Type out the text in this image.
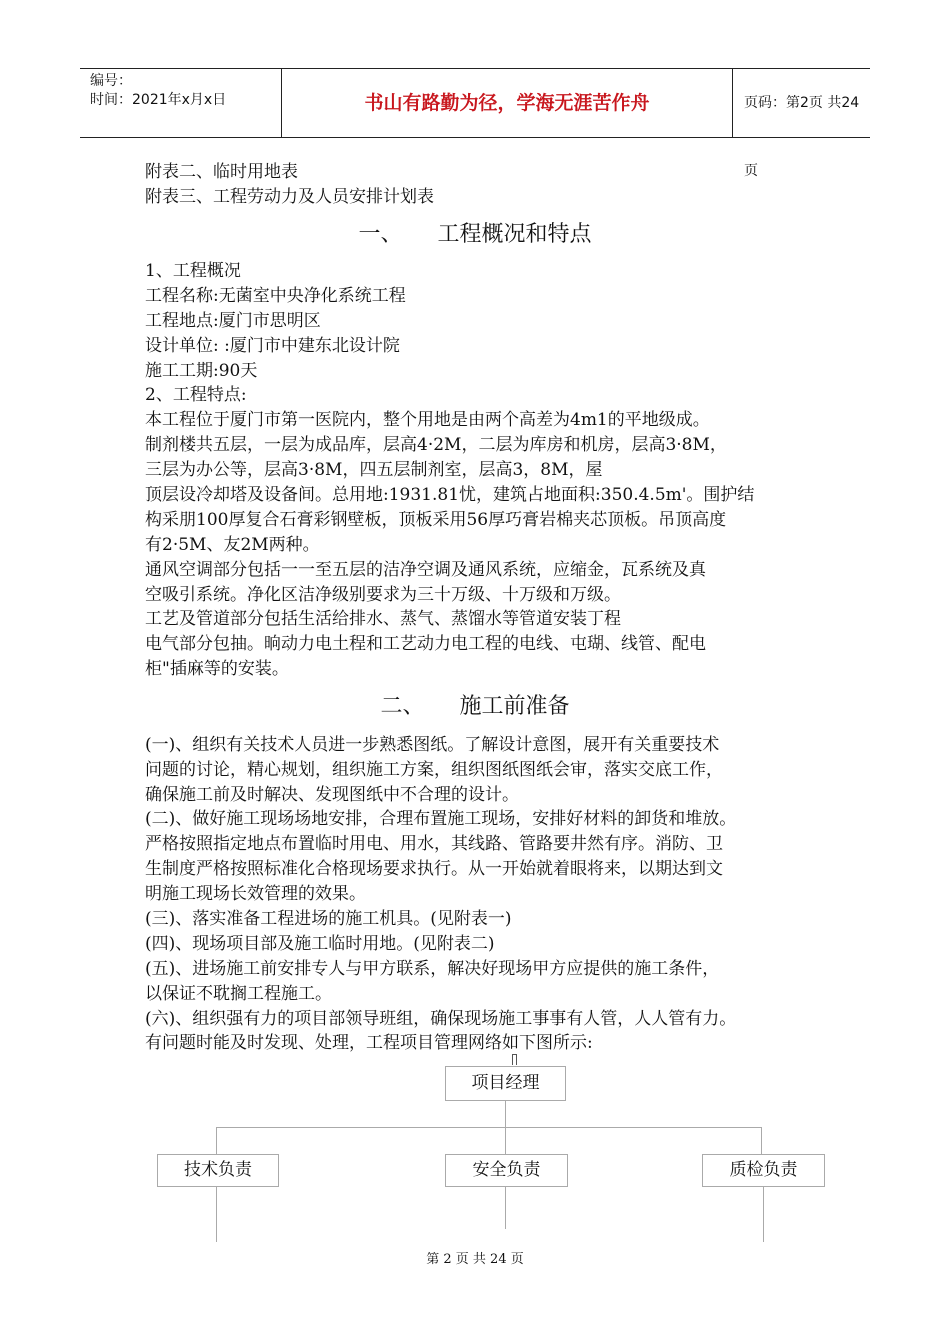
编号：
时间：2021年x月x日	书山有路勤为径，学海无涯苦作舟	页码：第2页 共24页
附表二、临时用地表
附表三、工程劳动力及人员安排计划表
一、     工程概况和特点
1、工程概况
工程名称:无菌室中央净化系统工程
工程地点:厦门市思明区
设计单位: :厦门市中建东北设计院
施工工期:90天
2、工程特点:
本工程位于厦门市第一医院内，整个用地是由两个高差为4m1的平地级成。
制剂楼共五层，一层为成品库，层高4·2M，二层为库房和机房，层高3·8M，
三层为办公等，层高3·8M，四五层制剂室，层高3，8M，屋
顶层设冷却塔及设备间。总用地:1931.81忧，建筑占地面积:350.4.5m'。围护结
构采朋100厚复合石膏彩钢壁板，顶板采用56厚巧膏岩棉夹芯顶板。吊顶高度
有2·5M、友2M两种。
通风空调部分包括一一至五层的洁净空调及通风系统，应缩金，瓦系统及真
空吸引系统。净化区洁净级别要求为三十万级、十万级和万级。
工艺及管道部分包括生活给排水、蒸气、蒸馏水等管道安装丁程
电气部分包抽。晌动力电土程和工艺动力电工程的电线、屯瑚、线管、配电
柜"插麻等的安装。
二、     施工前准备
(一)、组织有关技术人员进一步熟悉图纸。了解设计意图，展开有关重要技术
问题的讨论，精心规划，组织施工方案，组织图纸图纸会审，落实交底工作，
确保施工前及时解决、发现图纸中不合理的设计。
(二)、做好施工现场场地安排，合理布置施工现场，安排好材料的卸货和堆放。
严格按照指定地点布置临时用电、用水，其线路、管路要井然有序。消防、卫
生制度严格按照标准化合格现场要求执行。从一开始就着眼将来，以期达到文
明施工现场长效管理的效果。
(三)、落实准备工程进场的施工机具。(见附表一)
(四)、现场项目部及施工临时用地。(见附表二)
(五)、进场施工前安排专人与甲方联系，解决好现场甲方应提供的施工条件，
以保证不耽搁工程施工。
(六)、组织强有力的项目部领导班组，确保现场施工事事有人管，人人管有力。
有问题时能及时发现、处理，工程项目管理网络如下图所示:
项目经理
技术负责	安全负责	质检负责
第 2 页 共 24 页
